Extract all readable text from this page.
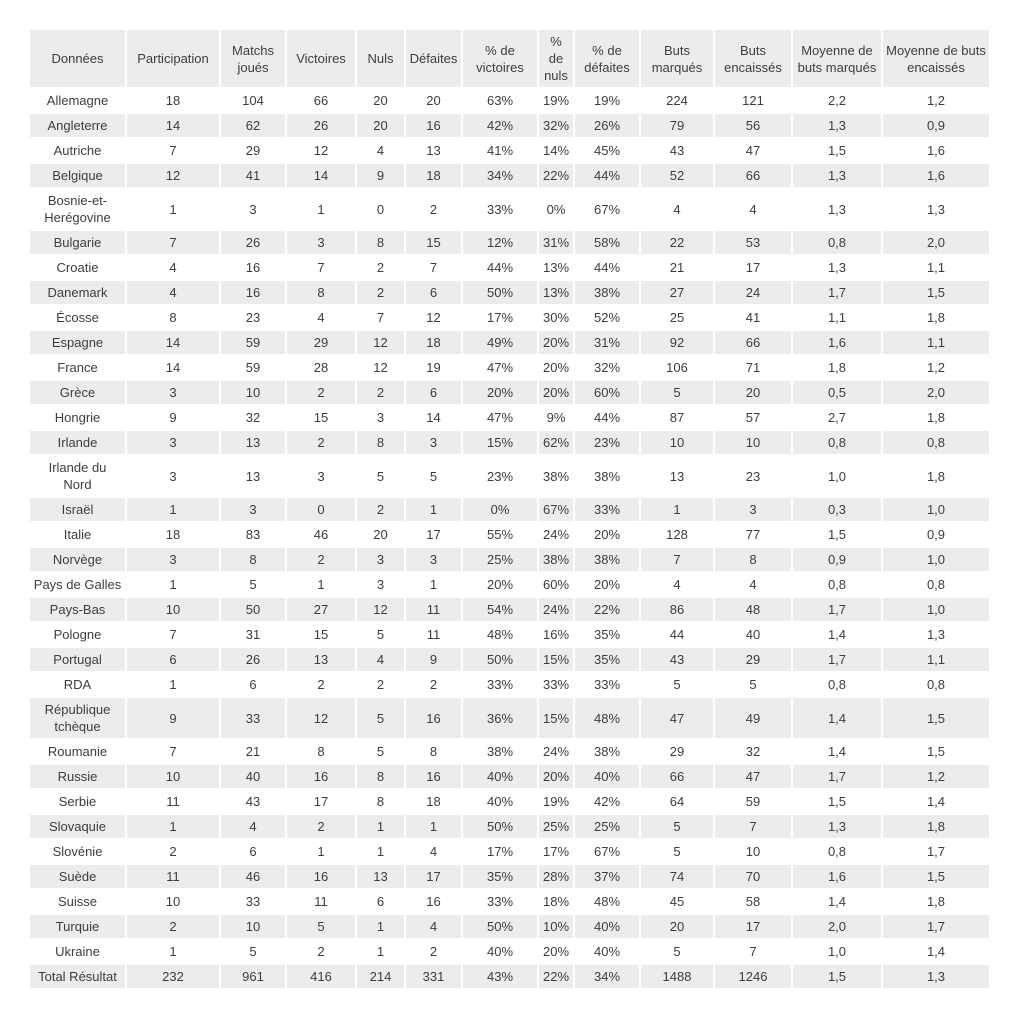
Données	Participation	Matchs joués	Victoires	Nuls	Défaites	% de victoires	% de nuls	% de défaites	Buts marqués	Buts encaissés	Moyenne de buts marqués	Moyenne de buts encaissés
Allemagne	18	104	66	20	20	63%	19%	19%	224	121	2,2	1,2
Angleterre	14	62	26	20	16	42%	32%	26%	79	56	1,3	0,9
Autriche	7	29	12	4	13	41%	14%	45%	43	47	1,5	1,6
Belgique	12	41	14	9	18	34%	22%	44%	52	66	1,3	1,6
Bosnie-et-Herégovine	1	3	1	0	2	33%	0%	67%	4	4	1,3	1,3
Bulgarie	7	26	3	8	15	12%	31%	58%	22	53	0,8	2,0
Croatie	4	16	7	2	7	44%	13%	44%	21	17	1,3	1,1
Danemark	4	16	8	2	6	50%	13%	38%	27	24	1,7	1,5
Écosse	8	23	4	7	12	17%	30%	52%	25	41	1,1	1,8
Espagne	14	59	29	12	18	49%	20%	31%	92	66	1,6	1,1
France	14	59	28	12	19	47%	20%	32%	106	71	1,8	1,2
Grèce	3	10	2	2	6	20%	20%	60%	5	20	0,5	2,0
Hongrie	9	32	15	3	14	47%	9%	44%	87	57	2,7	1,8
Irlande	3	13	2	8	3	15%	62%	23%	10	10	0,8	0,8
Irlande du Nord	3	13	3	5	5	23%	38%	38%	13	23	1,0	1,8
Israël	1	3	0	2	1	0%	67%	33%	1	3	0,3	1,0
Italie	18	83	46	20	17	55%	24%	20%	128	77	1,5	0,9
Norvège	3	8	2	3	3	25%	38%	38%	7	8	0,9	1,0
Pays de Galles	1	5	1	3	1	20%	60%	20%	4	4	0,8	0,8
Pays-Bas	10	50	27	12	11	54%	24%	22%	86	48	1,7	1,0
Pologne	7	31	15	5	11	48%	16%	35%	44	40	1,4	1,3
Portugal	6	26	13	4	9	50%	15%	35%	43	29	1,7	1,1
RDA	1	6	2	2	2	33%	33%	33%	5	5	0,8	0,8
République tchèque	9	33	12	5	16	36%	15%	48%	47	49	1,4	1,5
Roumanie	7	21	8	5	8	38%	24%	38%	29	32	1,4	1,5
Russie	10	40	16	8	16	40%	20%	40%	66	47	1,7	1,2
Serbie	11	43	17	8	18	40%	19%	42%	64	59	1,5	1,4
Slovaquie	1	4	2	1	1	50%	25%	25%	5	7	1,3	1,8
Slovénie	2	6	1	1	4	17%	17%	67%	5	10	0,8	1,7
Suède	11	46	16	13	17	35%	28%	37%	74	70	1,6	1,5
Suisse	10	33	11	6	16	33%	18%	48%	45	58	1,4	1,8
Turquie	2	10	5	1	4	50%	10%	40%	20	17	2,0	1,7
Ukraine	1	5	2	1	2	40%	20%	40%	5	7	1,0	1,4
Total Résultat	232	961	416	214	331	43%	22%	34%	1488	1246	1,5	1,3
